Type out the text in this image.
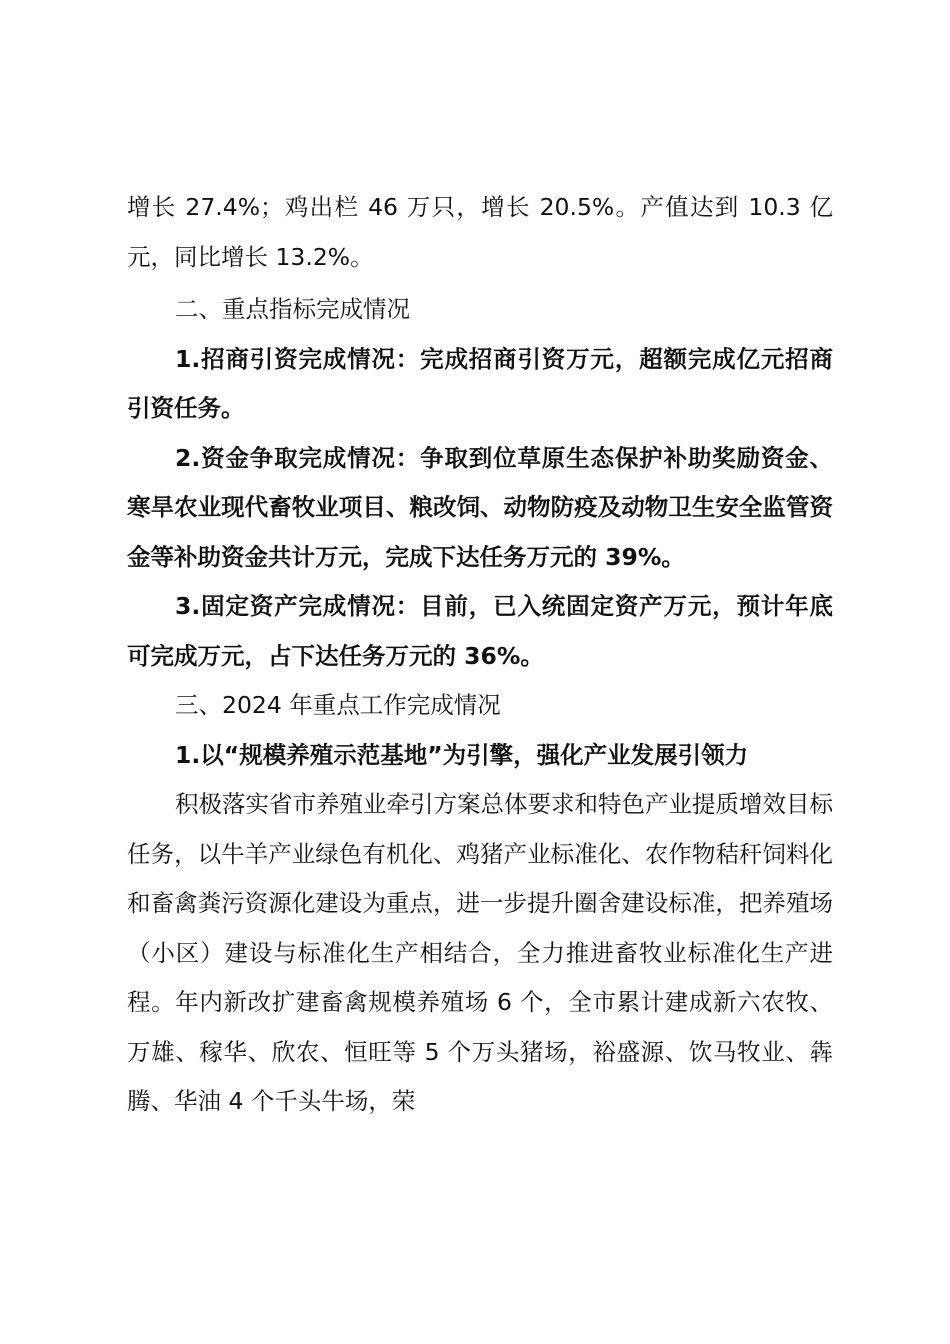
增长 27.4%；鸡出栏 46 万只，增长 20.5%。产值达到 10.3 亿元，同比增长 13.2%。

二、重点指标完成情况

1.招商引资完成情况：完成招商引资万元，超额完成亿元招商引资任务。

2.资金争取完成情况：争取到位草原生态保护补助奖励资金、寒旱农业现代畜牧业项目、粮改饲、动物防疫及动物卫生安全监管资金等补助资金共计万元，完成下达任务万元的 39%。

3.固定资产完成情况：目前，已入统固定资产万元，预计年底可完成万元，占下达任务万元的 36%。

三、2024 年重点工作完成情况

1.以“规模养殖示范基地”为引擎，强化产业发展引领力

积极落实省市养殖业牵引方案总体要求和特色产业提质增效目标任务，以牛羊产业绿色有机化、鸡猪产业标准化、农作物秸秆饲料化和畜禽粪污资源化建设为重点，进一步提升圈舍建设标准，把养殖场（小区）建设与标准化生产相结合，全力推进畜牧业标准化生产进程。年内新改扩建畜禽规模养殖场 6 个，全市累计建成新六农牧、万雄、稼华、欣农、恒旺等 5 个万头猪场，裕盛源、饮马牧业、犇腾、华油 4 个千头牛场，荣
